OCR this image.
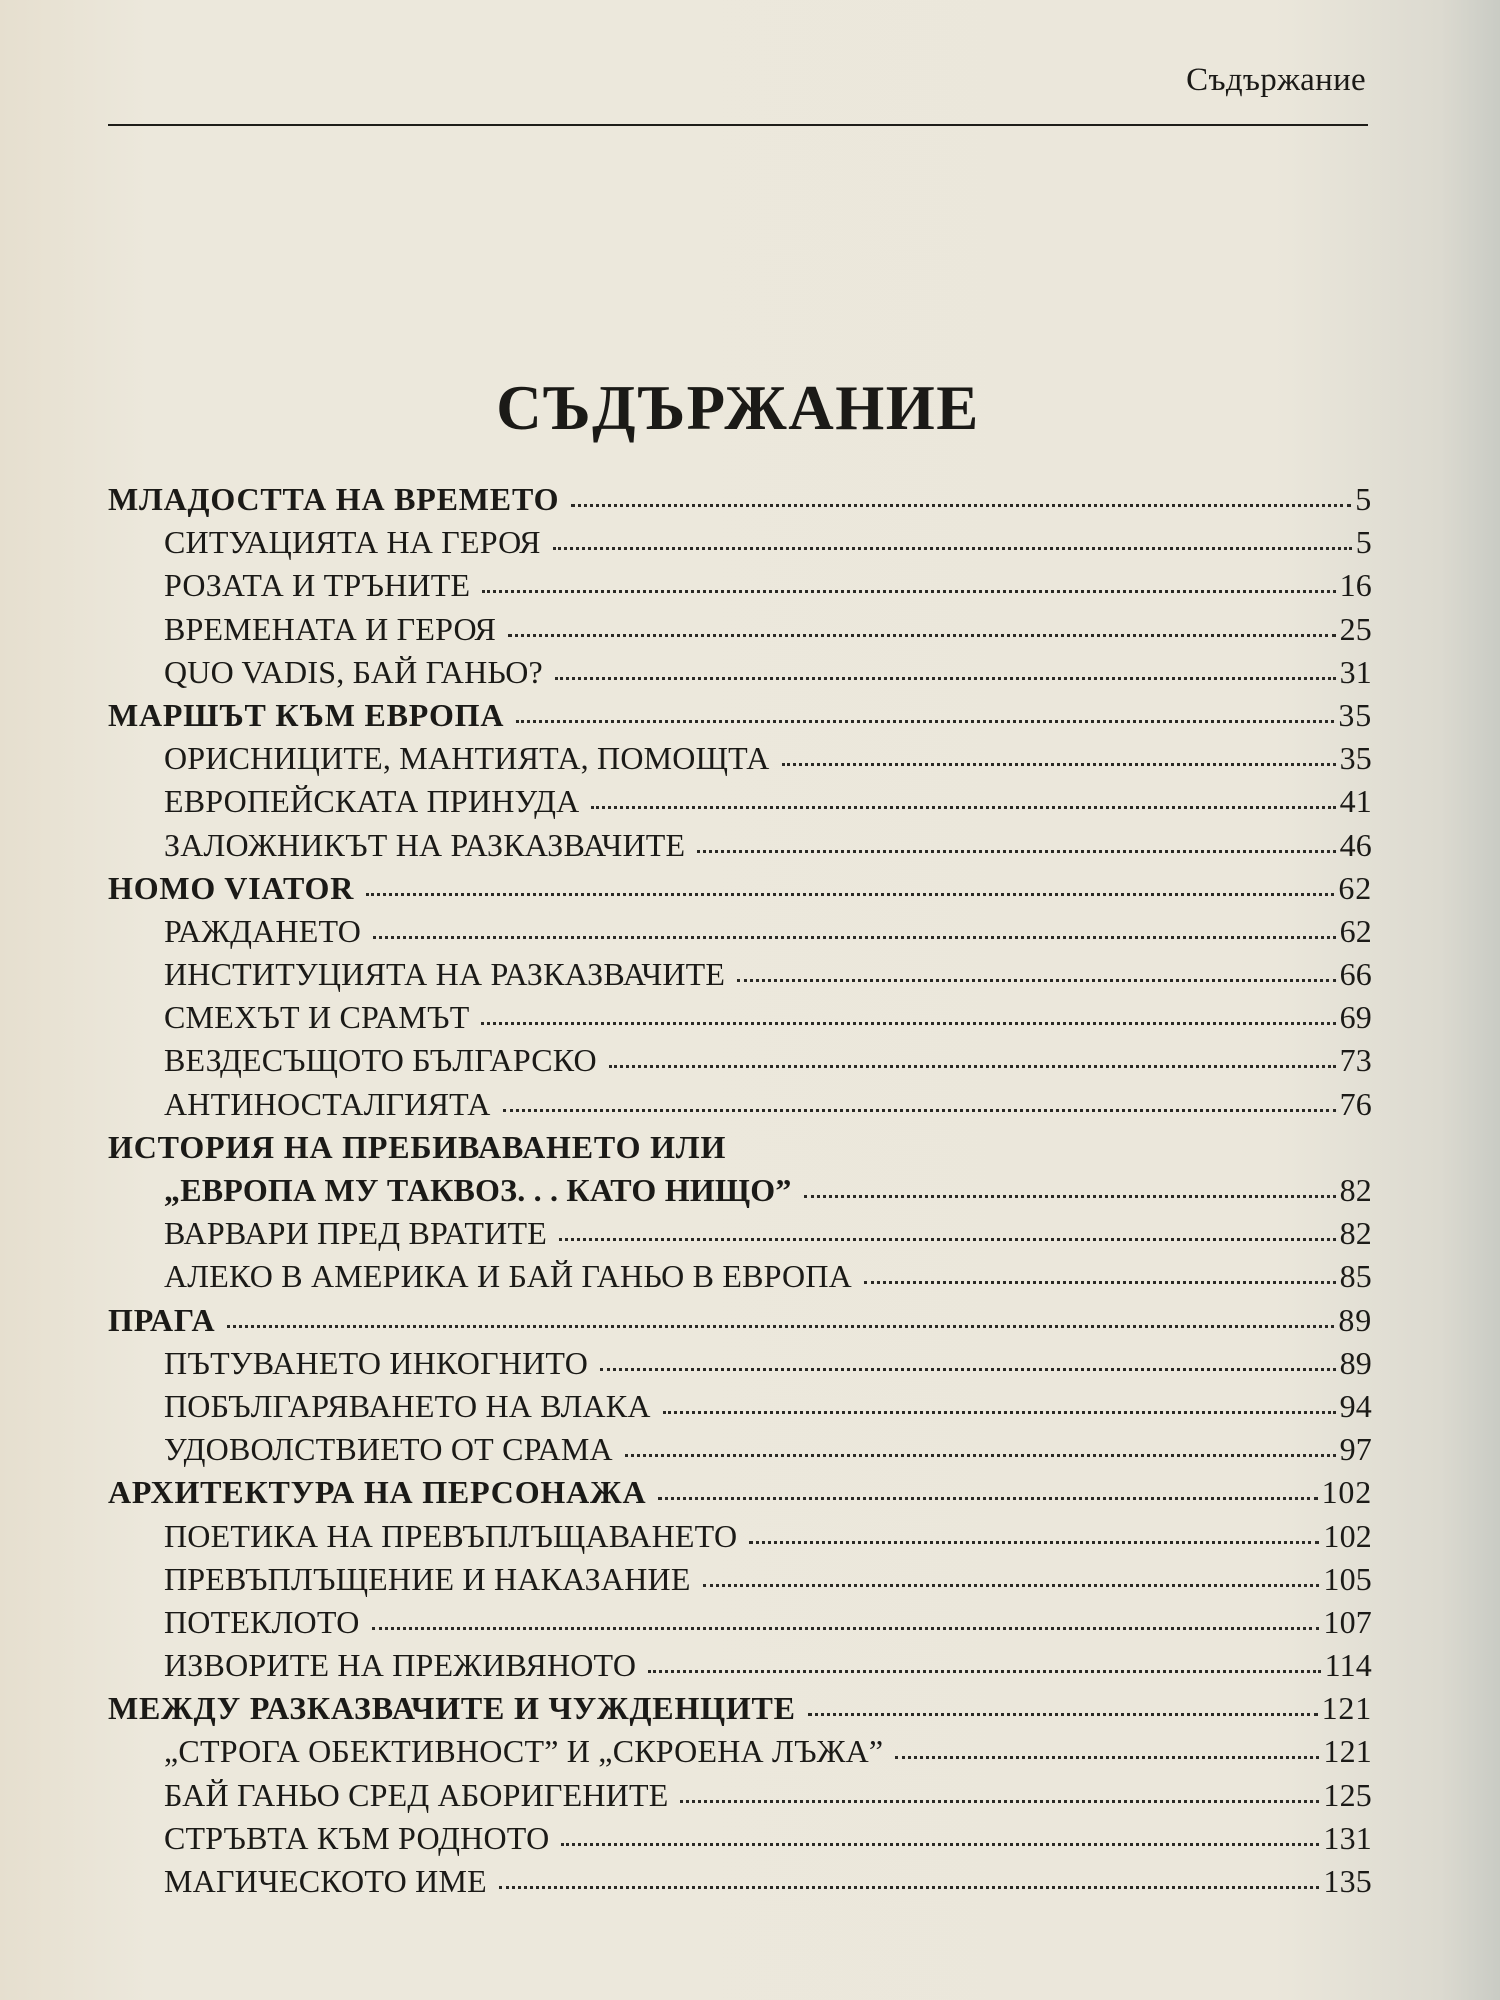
Съдържание
СЪДЪРЖАНИЕ
МЛАДОСТТА НА ВРЕМЕТО	5
СИТУАЦИЯТА НА ГЕРОЯ	5
РОЗАТА И ТРЪНИТЕ	16
ВРЕМЕНАТА И ГЕРОЯ	25
QUO VADIS, БАЙ ГАНЬО?	31
МАРШЪТ КЪМ ЕВРОПА	35
ОРИСНИЦИТЕ, МАНТИЯТА, ПОМОЩТА	35
ЕВРОПЕЙСКАТА ПРИНУДА	41
ЗАЛОЖНИКЪТ НА РАЗКАЗВАЧИТЕ	46
HOMO VIATOR	62
РАЖДАНЕТО	62
ИНСТИТУЦИЯТА НА РАЗКАЗВАЧИТЕ	66
СМЕХЪТ И СРАМЪТ	69
ВЕЗДЕСЪЩОТО БЪЛГАРСКО	73
АНТИНОСТАЛГИЯТА	76
ИСТОРИЯ НА ПРЕБИВАВАНЕТО ИЛИ
„ЕВРОПА МУ ТАКВОЗ. . . КАТО НИЩО”	82
ВАРВАРИ ПРЕД ВРАТИТЕ	82
АЛЕКО В АМЕРИКА И БАЙ ГАНЬО В ЕВРОПА	85
ПРАГА	89
ПЪТУВАНЕТО ИНКОГНИТО	89
ПОБЪЛГАРЯВАНЕТО НА ВЛАКА	94
УДОВОЛСТВИЕТО ОТ СРАМА	97
АРХИТЕКТУРА НА ПЕРСОНАЖА	102
ПОЕТИКА НА ПРЕВЪПЛЪЩАВАНЕТО	102
ПРЕВЪПЛЪЩЕНИЕ И НАКАЗАНИЕ	105
ПОТЕКЛОТО	107
ИЗВОРИТЕ НА ПРЕЖИВЯНОТО	114
МЕЖДУ РАЗКАЗВАЧИТЕ И ЧУЖДЕНЦИТЕ	121
„СТРОГА ОБЕКТИВНОСТ” И „СКРОЕНА ЛЪЖА”	121
БАЙ ГАНЬО СРЕД АБОРИГЕНИТЕ	125
СТРЪВТА КЪМ РОДНОТО	131
МАГИЧЕСКОТО ИМЕ	135
